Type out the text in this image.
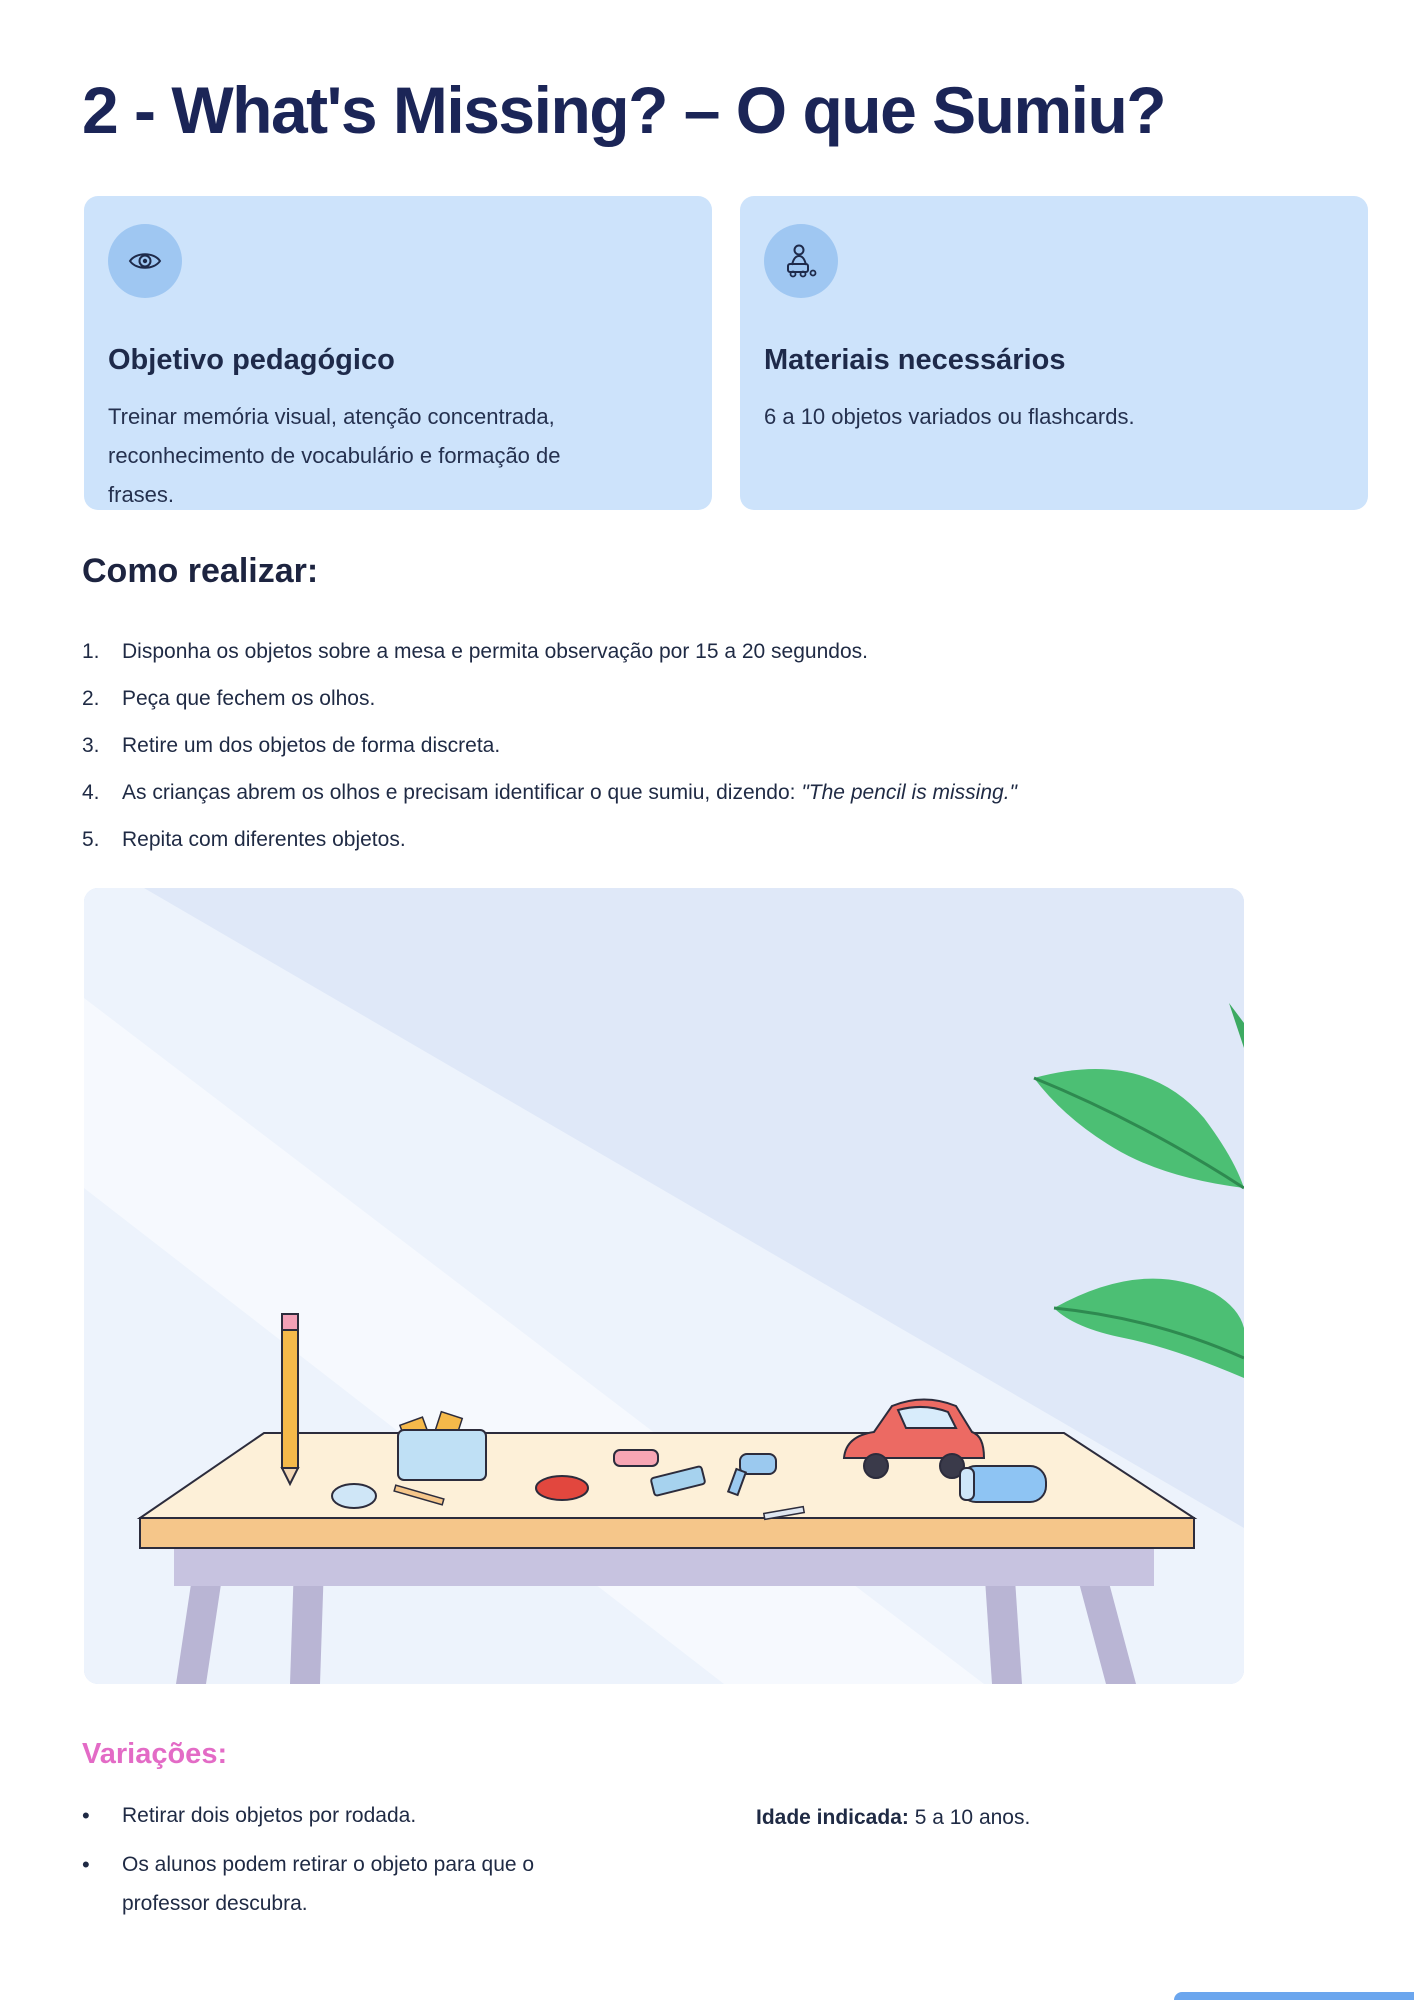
2 - What's Missing? – O que Sumiu?
Objetivo pedagógico
Treinar memória visual, atenção concentrada,
reconhecimento de vocabulário e formação de
frases.
Materiais necessários
6 a 10 objetos variados ou flashcards.
Como realizar:
1.	Disponha os objetos sobre a mesa e permita observação por 15 a 20 segundos.
2.	Peça que fechem os olhos.
3.	Retire um dos objetos de forma discreta.
4.	As crianças abrem os olhos e precisam identificar o que sumiu, dizendo: "The pencil is missing."
5.	Repita com diferentes objetos.
Variações:
•	Retirar dois objetos por rodada.
•	Os alunos podem retirar o objeto para que o
professor descubra.
Idade indicada: 5 a 10 anos.
